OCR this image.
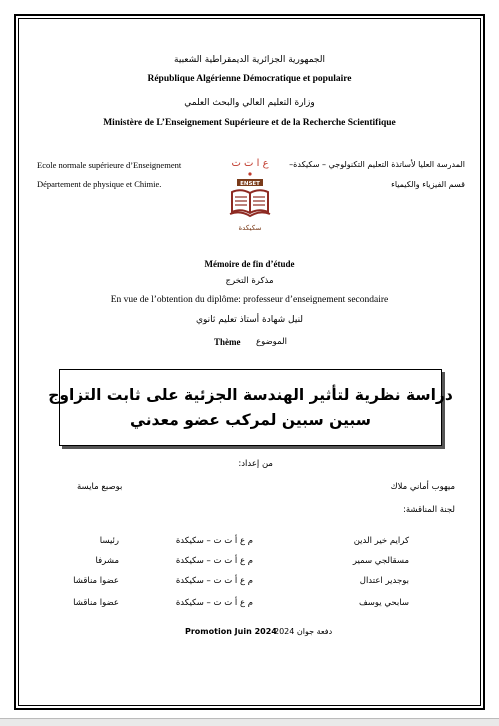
الجمهورية الجزائرية الديمقراطية الشعبية
République Algérienne Démocratique et populaire
وزارة التعليم العالي والبحث العلمي
Ministère de L’Enseignement Supérieure et de la Recherche Scientifique
Ecole normale supérieure d’Enseignement
Département de physique et Chimie.
المدرسة العليا لأساتذة التعليم التكنولوجي – سكيكدة–
قسم الفيزياء والكيمياء
ع ا ت ت
ENSET
سكيكدة
Mémoire de fin d’étude
مذكرة التخرج
En vue de l’obtention du diplôme: professeur d’enseignement secondaire
لنيل شهادة أستاذ تعليم ثانوي
Thème الموضوع
دراسة نظرية لتأثير الهندسة الجزئية على ثابت التزاوج
سبين سبين لمركب عضو معدني
من إعداد:
ميهوب أماني ملاك
بوصبع مايسة
لجنة المناقشة:
كرايم خير الدين
م ع أ ت ت – سكيكدة
رئيسا
مسقالجي سمير
م ع أ ت ت – سكيكدة
مشرفا
بوجدير اعتدال
م ع أ ت ت – سكيكدة
عضوا مناقشا
سابحي يوسف
م ع أ ت ت – سكيكدة
عضوا مناقشا
Promotion Juin 2024
دفعة جوان 2024
